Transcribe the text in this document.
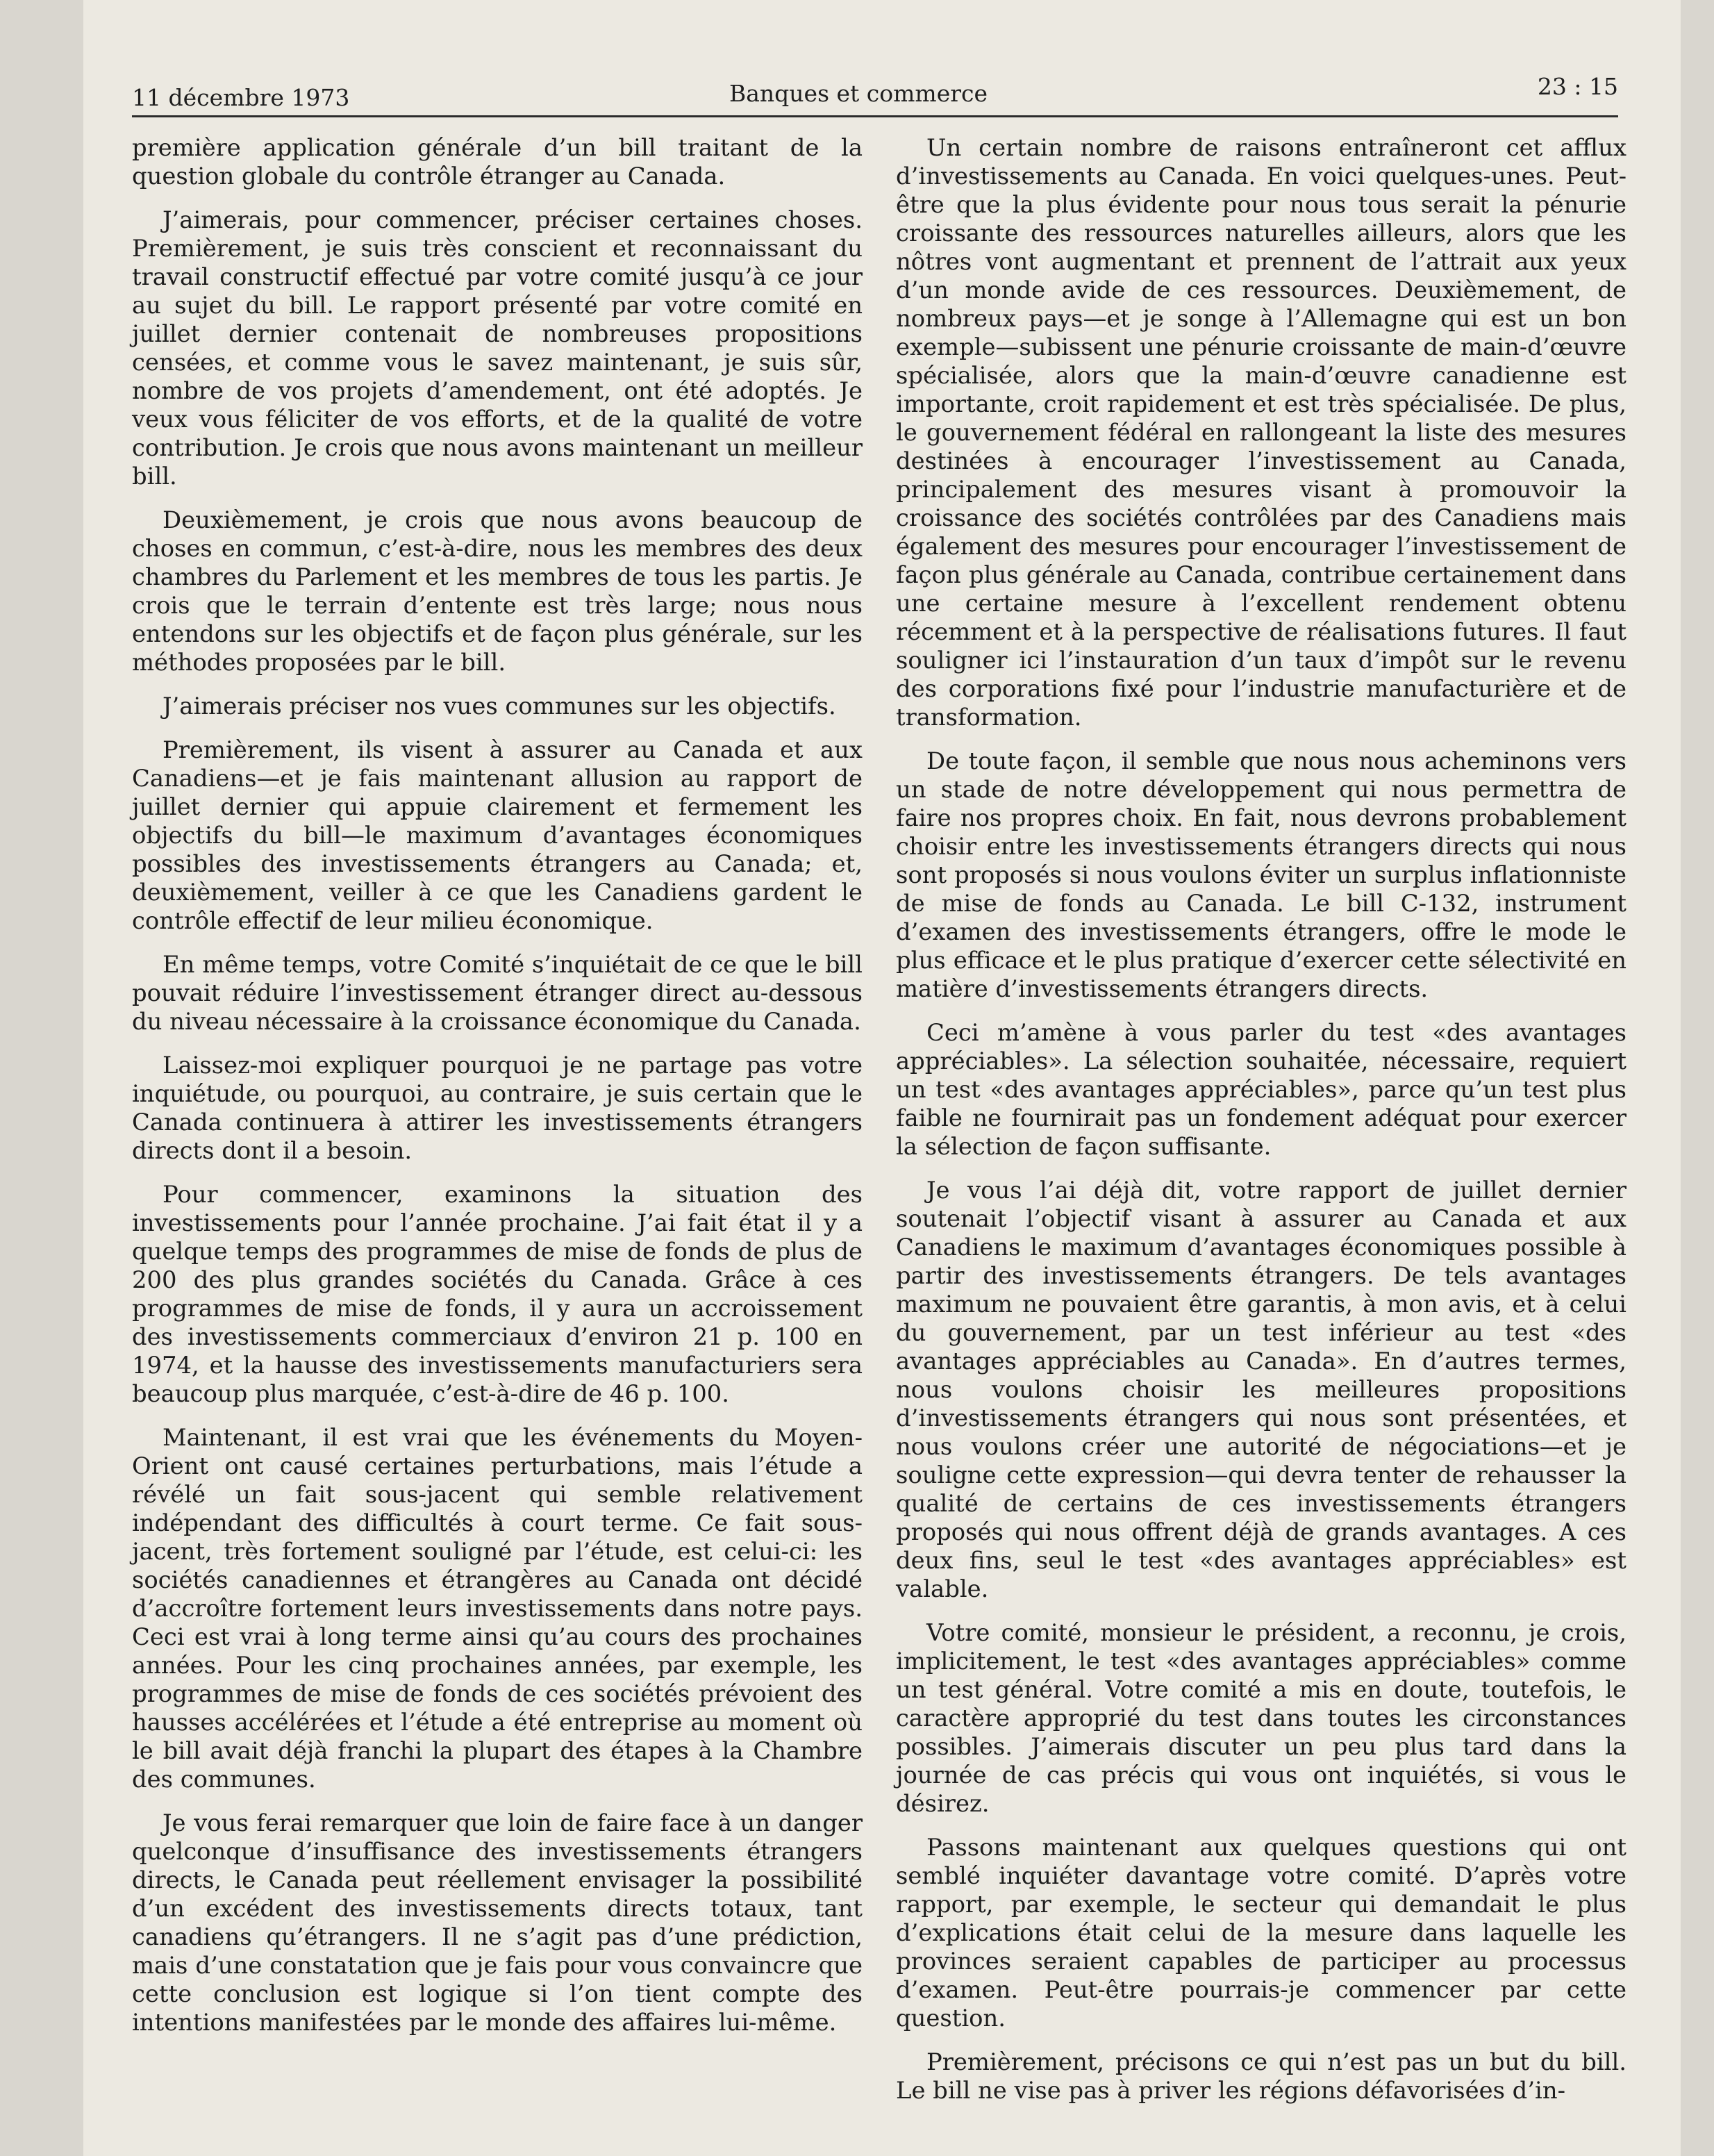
11 décembre 1973	Banques et commerce	23 : 15

première application générale d’un bill traitant de la question globale du contrôle étranger au Canada.

J’aimerais, pour commencer, préciser certaines choses. Premièrement, je suis très conscient et reconnaissant du travail constructif effectué par votre comité jusqu’à ce jour au sujet du bill. Le rapport présenté par votre comité en juillet dernier contenait de nombreuses propositions censées, et comme vous le savez maintenant, je suis sûr, nombre de vos projets d’amendement, ont été adoptés. Je veux vous féliciter de vos efforts, et de la qualité de votre contribution. Je crois que nous avons maintenant un meilleur bill.

Deuxièmement, je crois que nous avons beaucoup de choses en commun, c’est-à-dire, nous les membres des deux chambres du Parlement et les membres de tous les partis. Je crois que le terrain d’entente est très large; nous nous entendons sur les objectifs et de façon plus générale, sur les méthodes proposées par le bill.

J’aimerais préciser nos vues communes sur les objectifs.

Premièrement, ils visent à assurer au Canada et aux Canadiens—et je fais maintenant allusion au rapport de juillet dernier qui appuie clairement et fermement les objectifs du bill—le maximum d’avantages économiques possibles des investissements étrangers au Canada; et, deuxièmement, veiller à ce que les Canadiens gardent le contrôle effectif de leur milieu économique.

En même temps, votre Comité s’inquiétait de ce que le bill pouvait réduire l’investissement étranger direct au-dessous du niveau nécessaire à la croissance économique du Canada.

Laissez-moi expliquer pourquoi je ne partage pas votre inquiétude, ou pourquoi, au contraire, je suis certain que le Canada continuera à attirer les investissements étrangers directs dont il a besoin.

Pour commencer, examinons la situation des investissements pour l’année prochaine. J’ai fait état il y a quelque temps des programmes de mise de fonds de plus de 200 des plus grandes sociétés du Canada. Grâce à ces programmes de mise de fonds, il y aura un accroissement des investissements commerciaux d’environ 21 p. 100 en 1974, et la hausse des investissements manufacturiers sera beaucoup plus marquée, c’est-à-dire de 46 p. 100.

Maintenant, il est vrai que les événements du Moyen-Orient ont causé certaines perturbations, mais l’étude a révélé un fait sous-jacent qui semble relativement indépendant des difficultés à court terme. Ce fait sous-jacent, très fortement souligné par l’étude, est celui-ci: les sociétés canadiennes et étrangères au Canada ont décidé d’accroître fortement leurs investissements dans notre pays. Ceci est vrai à long terme ainsi qu’au cours des prochaines années. Pour les cinq prochaines années, par exemple, les programmes de mise de fonds de ces sociétés prévoient des hausses accélérées et l’étude a été entreprise au moment où le bill avait déjà franchi la plupart des étapes à la Chambre des communes.

Je vous ferai remarquer que loin de faire face à un danger quelconque d’insuffisance des investissements étrangers directs, le Canada peut réellement envisager la possibilité d’un excédent des investissements directs totaux, tant canadiens qu’étrangers. Il ne s’agit pas d’une prédiction, mais d’une constatation que je fais pour vous convaincre que cette conclusion est logique si l’on tient compte des intentions manifestées par le monde des affaires lui-même.

Un certain nombre de raisons entraîneront cet afflux d’investissements au Canada. En voici quelques-unes. Peut-être que la plus évidente pour nous tous serait la pénurie croissante des ressources naturelles ailleurs, alors que les nôtres vont augmentant et prennent de l’attrait aux yeux d’un monde avide de ces ressources. Deuxièmement, de nombreux pays—et je songe à l’Allemagne qui est un bon exemple—subissent une pénurie croissante de main-d’œuvre spécialisée, alors que la main-d’œuvre canadienne est importante, croit rapidement et est très spécialisée. De plus, le gouvernement fédéral en rallongeant la liste des mesures destinées à encourager l’investissement au Canada, principalement des mesures visant à promouvoir la croissance des sociétés contrôlées par des Canadiens mais également des mesures pour encourager l’investissement de façon plus générale au Canada, contribue certainement dans une certaine mesure à l’excellent rendement obtenu récemment et à la perspective de réalisations futures. Il faut souligner ici l’instauration d’un taux d’impôt sur le revenu des corporations fixé pour l’industrie manufacturière et de transformation.

De toute façon, il semble que nous nous acheminons vers un stade de notre développement qui nous permettra de faire nos propres choix. En fait, nous devrons probablement choisir entre les investissements étrangers directs qui nous sont proposés si nous voulons éviter un surplus inflationniste de mise de fonds au Canada. Le bill C-132, instrument d’examen des investissements étrangers, offre le mode le plus efficace et le plus pratique d’exercer cette sélectivité en matière d’investissements étrangers directs.

Ceci m’amène à vous parler du test «des avantages appréciables». La sélection souhaitée, nécessaire, requiert un test «des avantages appréciables», parce qu’un test plus faible ne fournirait pas un fondement adéquat pour exercer la sélection de façon suffisante.

Je vous l’ai déjà dit, votre rapport de juillet dernier soutenait l’objectif visant à assurer au Canada et aux Canadiens le maximum d’avantages économiques possible à partir des investissements étrangers. De tels avantages maximum ne pouvaient être garantis, à mon avis, et à celui du gouvernement, par un test inférieur au test «des avantages appréciables au Canada». En d’autres termes, nous voulons choisir les meilleures propositions d’investissements étrangers qui nous sont présentées, et nous voulons créer une autorité de négociations—et je souligne cette expression—qui devra tenter de rehausser la qualité de certains de ces investissements étrangers proposés qui nous offrent déjà de grands avantages. A ces deux fins, seul le test «des avantages appréciables» est valable.

Votre comité, monsieur le président, a reconnu, je crois, implicitement, le test «des avantages appréciables» comme un test général. Votre comité a mis en doute, toutefois, le caractère approprié du test dans toutes les circonstances possibles. J’aimerais discuter un peu plus tard dans la journée de cas précis qui vous ont inquiétés, si vous le désirez.

Passons maintenant aux quelques questions qui ont semblé inquiéter davantage votre comité. D’après votre rapport, par exemple, le secteur qui demandait le plus d’explications était celui de la mesure dans laquelle les provinces seraient capables de participer au processus d’examen. Peut-être pourrais-je commencer par cette question.

Premièrement, précisons ce qui n’est pas un but du bill. Le bill ne vise pas à priver les régions défavorisées d’in-
